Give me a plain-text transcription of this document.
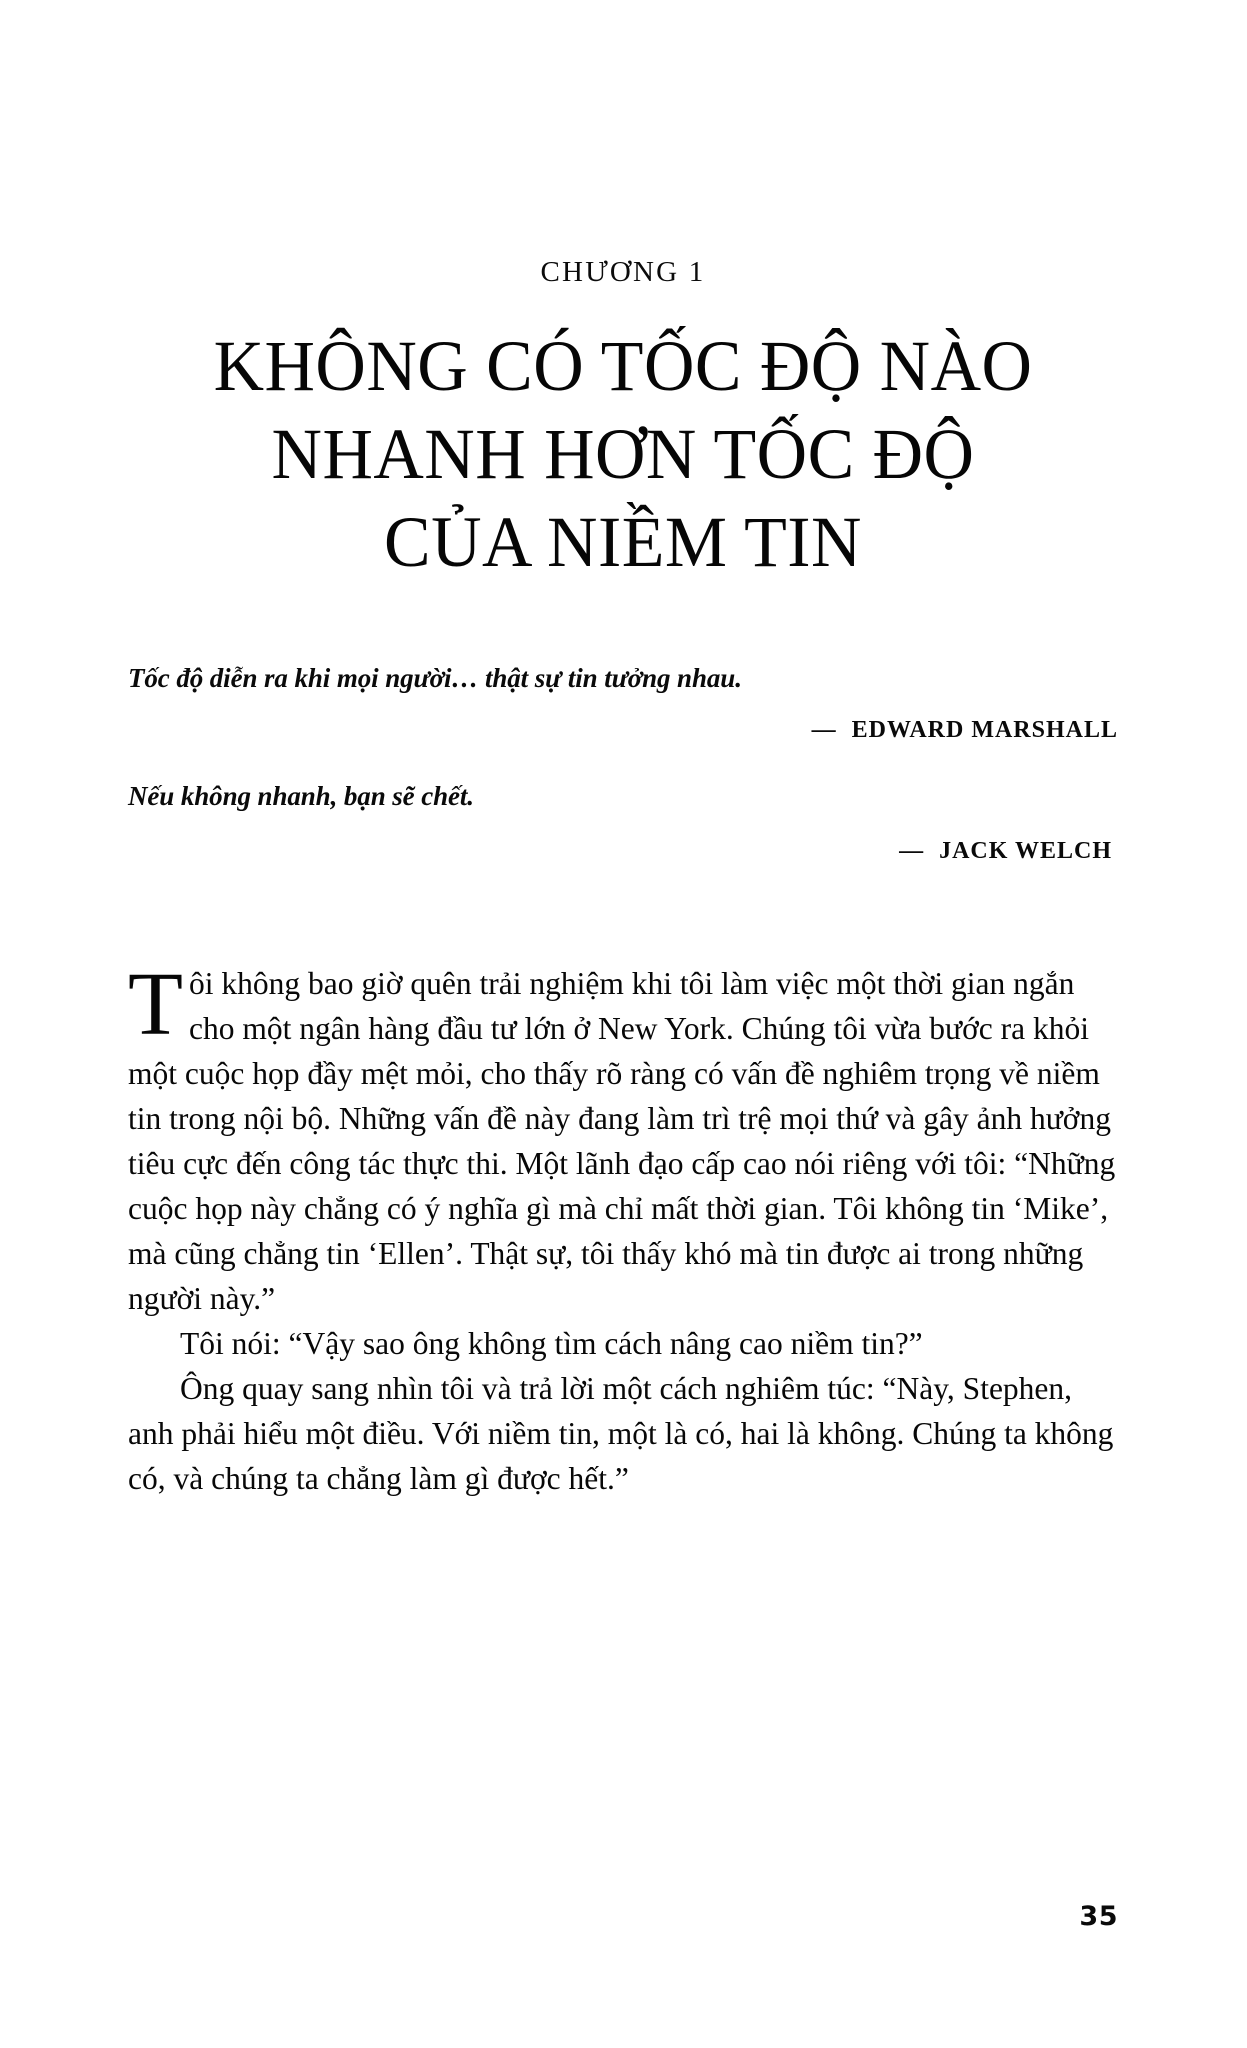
CHƯƠNG 1
KHÔNG CÓ TỐC ĐỘ NÀO
NHANH HƠN TỐC ĐỘ
CỦA NIỀM TIN
Tốc độ diễn ra khi mọi người… thật sự tin tưởng nhau.
— EDWARD MARSHALL
Nếu không nhanh, bạn sẽ chết.
— JACK WELCH

Tôi không bao giờ quên trải nghiệm khi tôi làm việc một thời gian ngắn cho một ngân hàng đầu tư lớn ở New York. Chúng tôi vừa bước ra khỏi một cuộc họp đầy mệt mỏi, cho thấy rõ ràng có vấn đề nghiêm trọng về niềm tin trong nội bộ. Những vấn đề này đang làm trì trệ mọi thứ và gây ảnh hưởng tiêu cực đến công tác thực thi. Một lãnh đạo cấp cao nói riêng với tôi: “Những cuộc họp này chẳng có ý nghĩa gì mà chỉ mất thời gian. Tôi không tin ‘Mike’, mà cũng chẳng tin ‘Ellen’. Thật sự, tôi thấy khó mà tin được ai trong những người này.”

Tôi nói: “Vậy sao ông không tìm cách nâng cao niềm tin?”

Ông quay sang nhìn tôi và trả lời một cách nghiêm túc: “Này, Stephen, anh phải hiểu một điều. Với niềm tin, một là có, hai là không. Chúng ta không có, và chúng ta chẳng làm gì được hết.”

35
